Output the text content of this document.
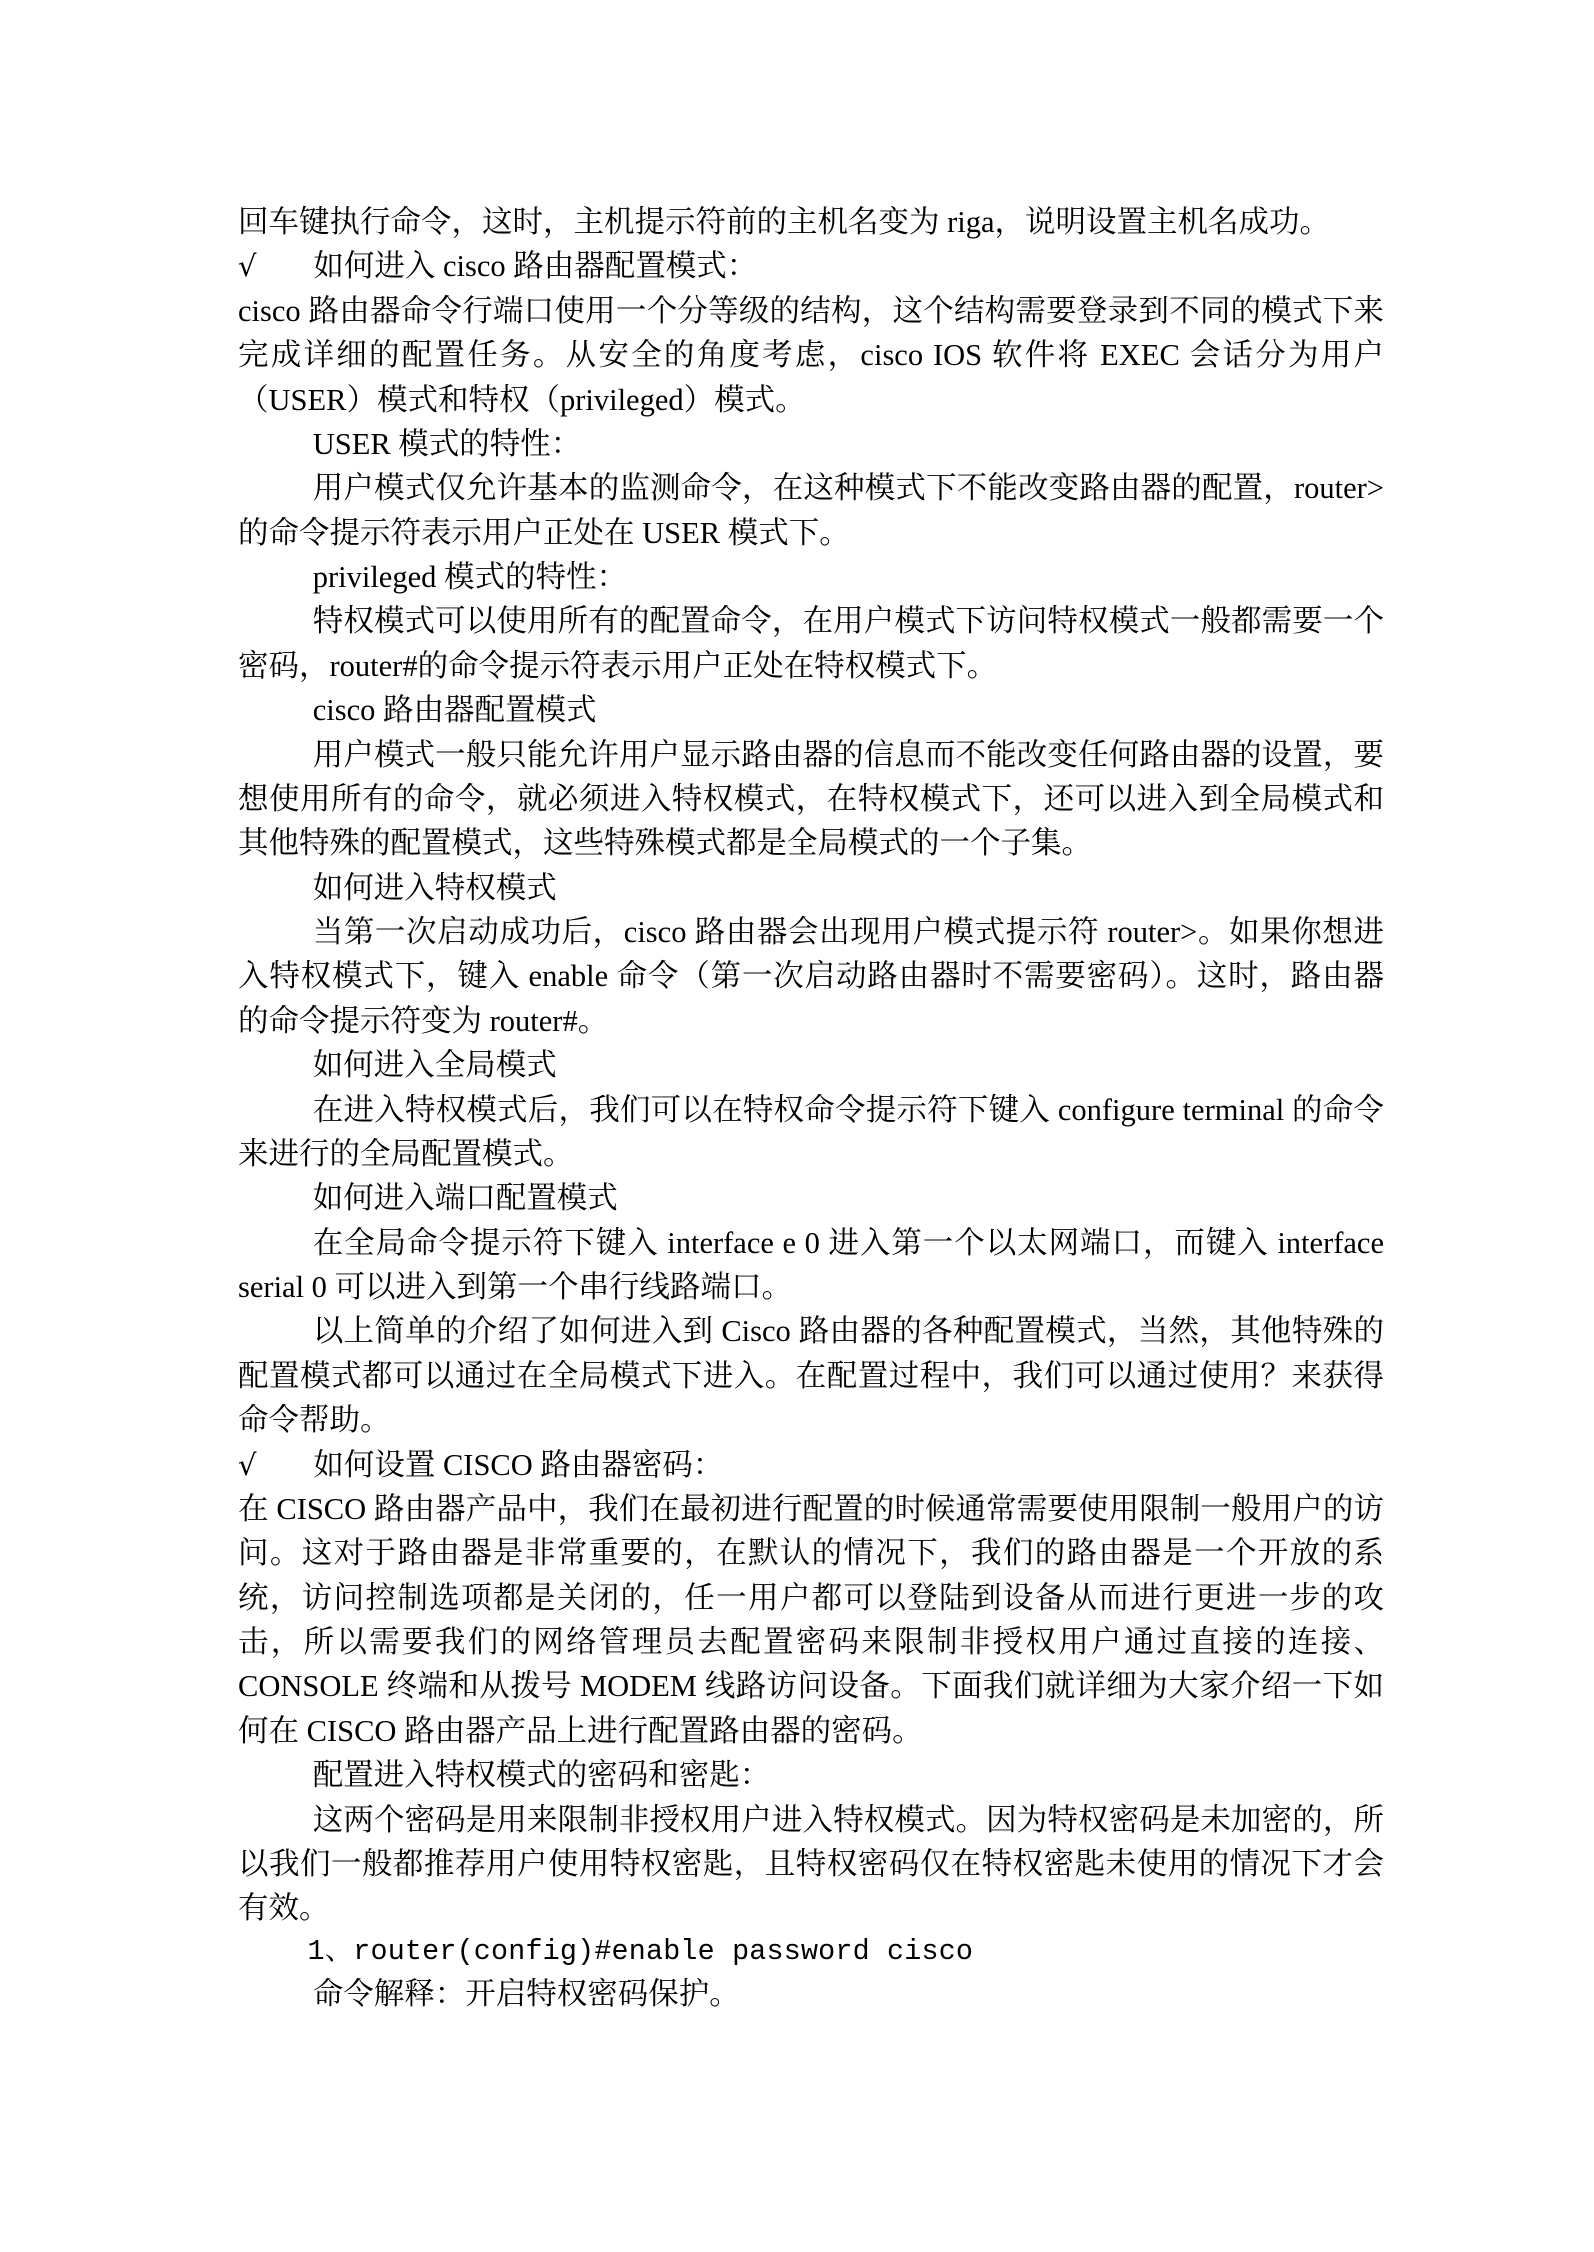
回车键执行命令，这时，主机提示符前的主机名变为 riga，说明设置主机名成功。

√ 如何进入 cisco 路由器配置模式：

cisco 路由器命令行端口使用一个分等级的结构，这个结构需要登录到不同的模式下来完成详细的配置任务。从安全的角度考虑，cisco IOS 软件将 EXEC 会话分为用户（USER）模式和特权（privileged）模式。

USER 模式的特性：

用户模式仅允许基本的监测命令，在这种模式下不能改变路由器的配置，router>的命令提示符表示用户正处在 USER 模式下。

privileged 模式的特性：

特权模式可以使用所有的配置命令，在用户模式下访问特权模式一般都需要一个密码，router#的命令提示符表示用户正处在特权模式下。

cisco 路由器配置模式

用户模式一般只能允许用户显示路由器的信息而不能改变任何路由器的设置，要想使用所有的命令，就必须进入特权模式，在特权模式下，还可以进入到全局模式和其他特殊的配置模式，这些特殊模式都是全局模式的一个子集。

如何进入特权模式

当第一次启动成功后，cisco 路由器会出现用户模式提示符 router>。如果你想进入特权模式下，键入 enable 命令（第一次启动路由器时不需要密码）。这时，路由器的命令提示符变为 router#。

如何进入全局模式

在进入特权模式后，我们可以在特权命令提示符下键入 configure terminal 的命令来进行的全局配置模式。

如何进入端口配置模式

在全局命令提示符下键入 interface e 0 进入第一个以太网端口，而键入 interface serial 0 可以进入到第一个串行线路端口。

以上简单的介绍了如何进入到 Cisco 路由器的各种配置模式，当然，其他特殊的配置模式都可以通过在全局模式下进入。在配置过程中，我们可以通过使用？来获得命令帮助。

√ 如何设置 CISCO 路由器密码：

在 CISCO 路由器产品中，我们在最初进行配置的时候通常需要使用限制一般用户的访问。这对于路由器是非常重要的，在默认的情况下，我们的路由器是一个开放的系统，访问控制选项都是关闭的，任一用户都可以登陆到设备从而进行更进一步的攻击，所以需要我们的网络管理员去配置密码来限制非授权用户通过直接的连接、CONSOLE 终端和从拨号 MODEM 线路访问设备。下面我们就详细为大家介绍一下如何在 CISCO 路由器产品上进行配置路由器的密码。

配置进入特权模式的密码和密匙：

这两个密码是用来限制非授权用户进入特权模式。因为特权密码是未加密的，所以我们一般都推荐用户使用特权密匙，且特权密码仅在特权密匙未使用的情况下才会有效。

1、router(config)#enable password cisco

命令解释：开启特权密码保护。
